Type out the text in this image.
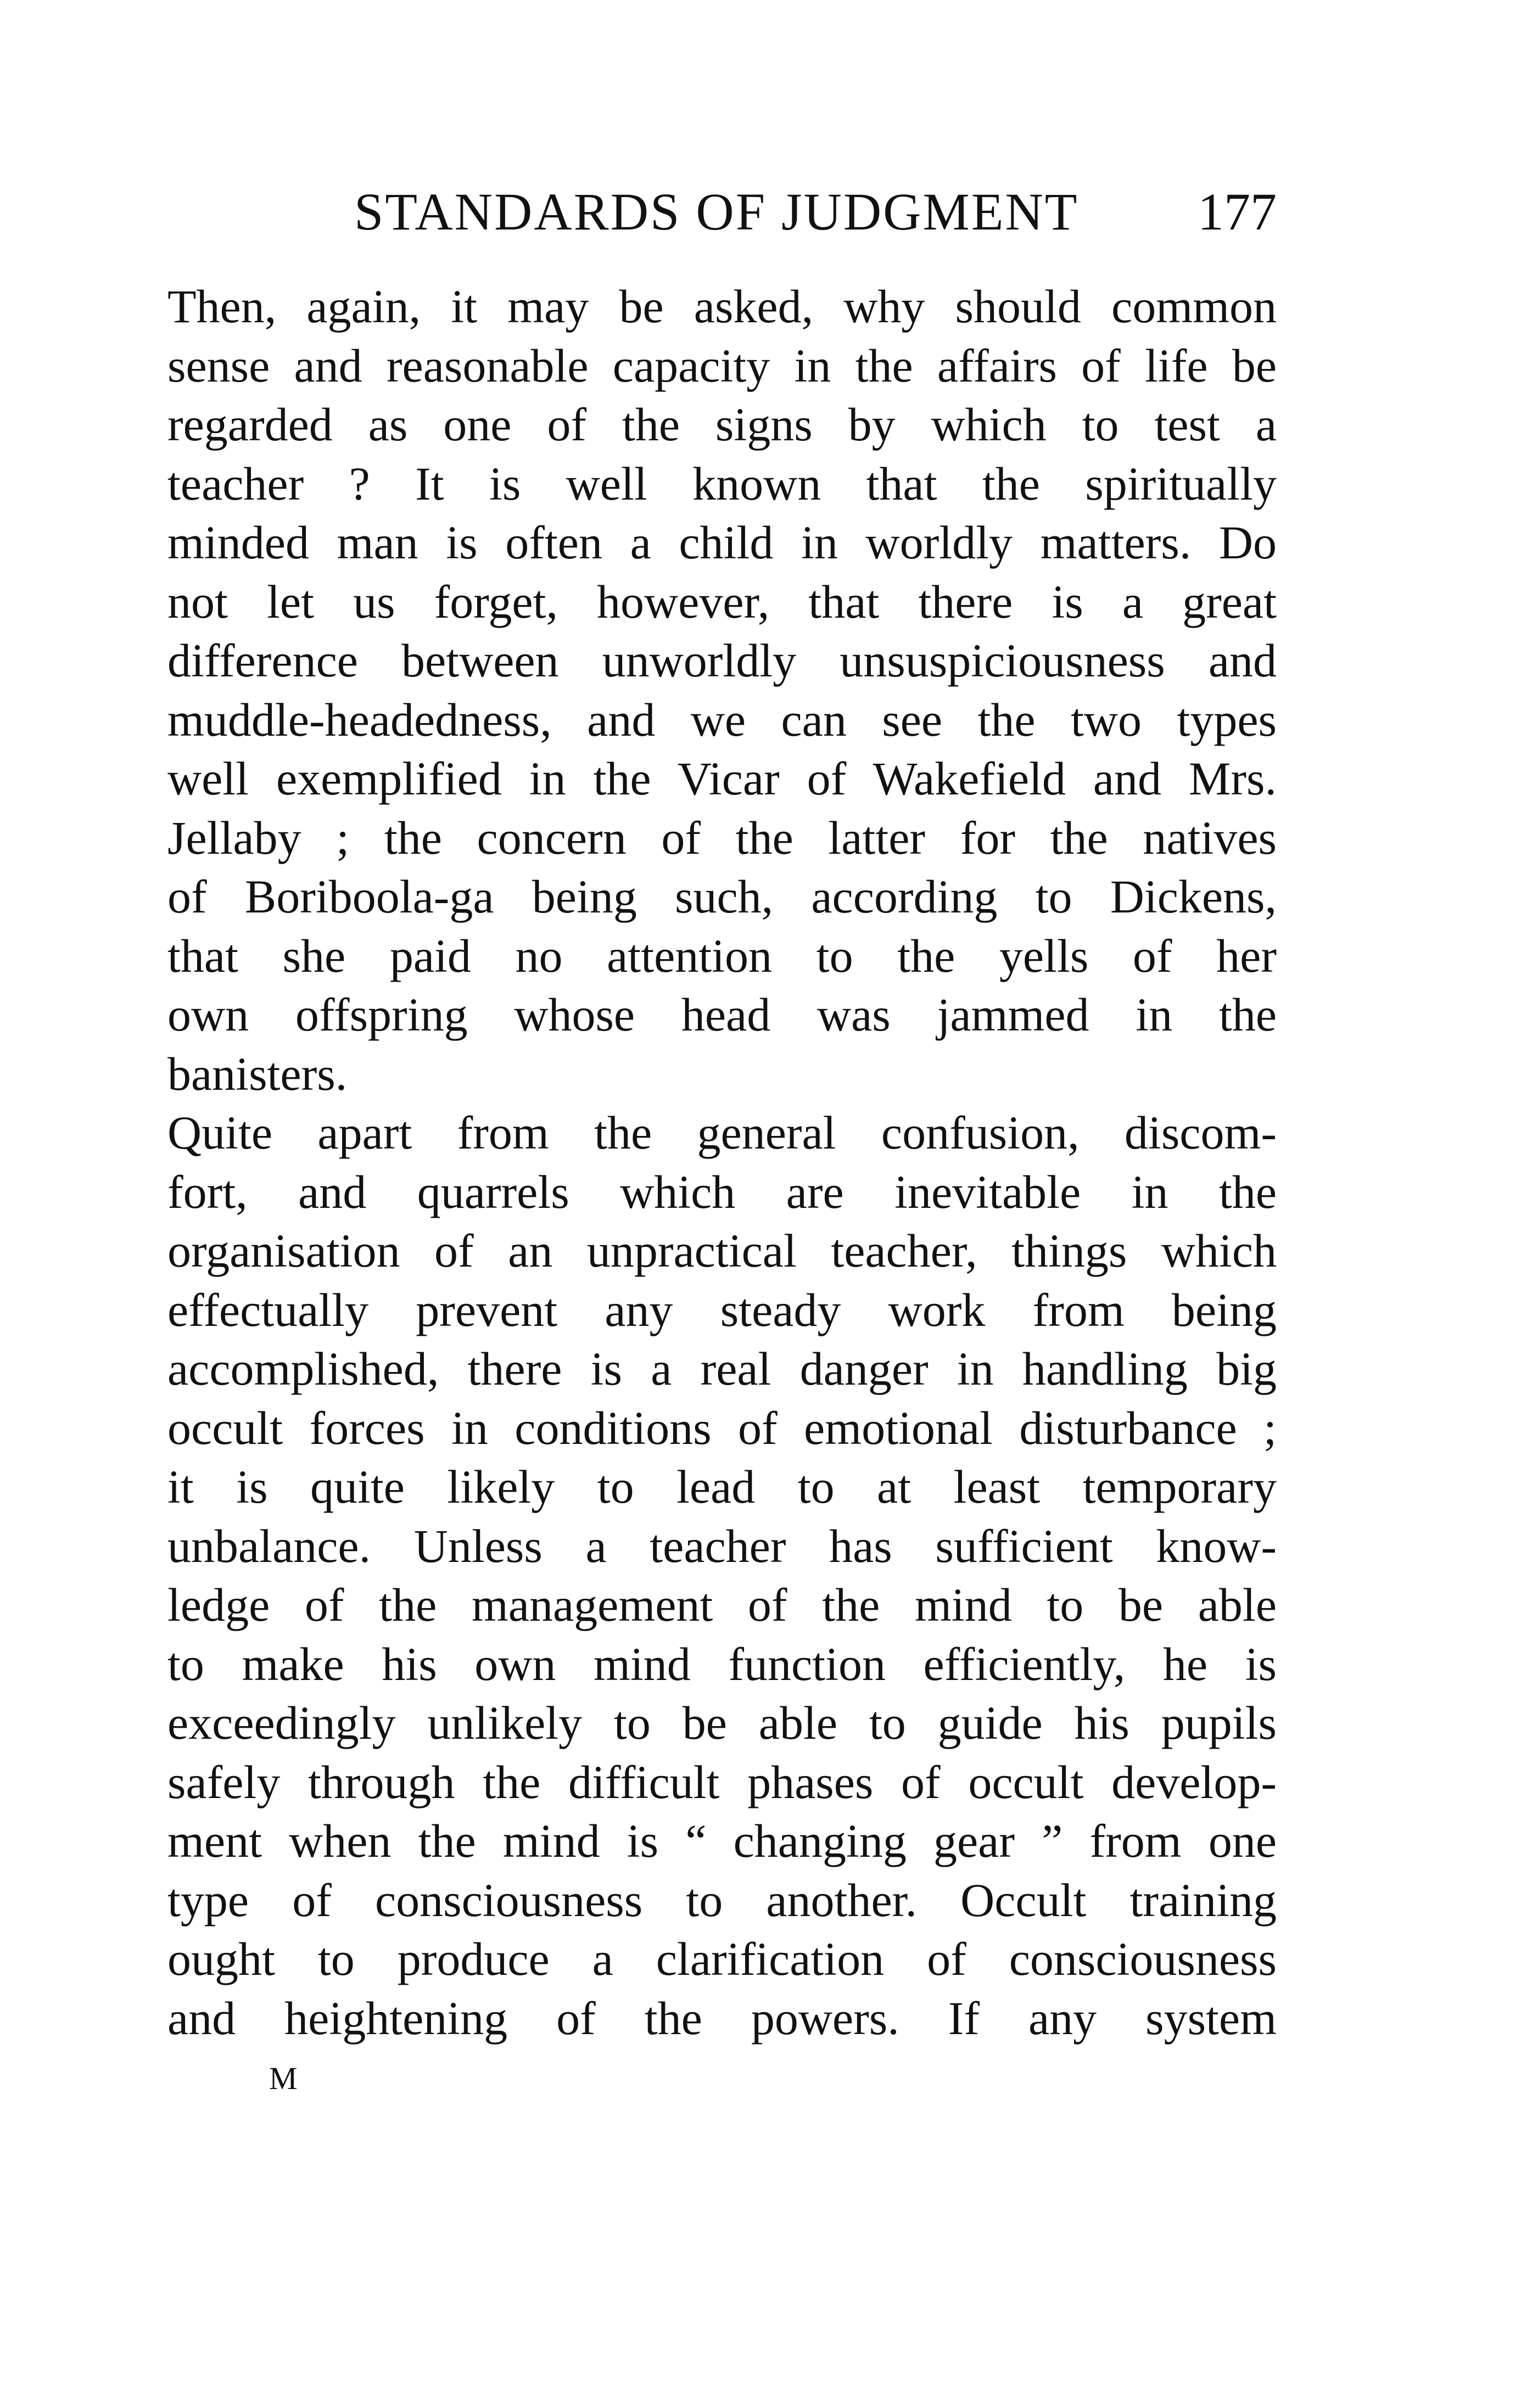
STANDARDS OF JUDGMENT 177
Then, again, it may be asked, why should common
sense and reasonable capacity in the affairs of life be
regarded as one of the signs by which to test a
teacher ? It is well known that the spiritually
minded man is often a child in worldly matters. Do
not let us forget, however, that there is a great
difference between unworldly unsuspiciousness and
muddle-headedness, and we can see the two types
well exemplified in the Vicar of Wakefield and Mrs.
Jellaby ; the concern of the latter for the natives
of Boriboola-ga being such, according to Dickens,
that she paid no attention to the yells of her
own offspring whose head was jammed in the
banisters.
Quite apart from the general confusion, discom-
fort, and quarrels which are inevitable in the
organisation of an unpractical teacher, things which
effectually prevent any steady work from being
accomplished, there is a real danger in handling big
occult forces in conditions of emotional disturbance ;
it is quite likely to lead to at least temporary
unbalance. Unless a teacher has sufficient know-
ledge of the management of the mind to be able
to make his own mind function efficiently, he is
exceedingly unlikely to be able to guide his pupils
safely through the difficult phases of occult develop-
ment when the mind is “ changing gear ” from one
type of consciousness to another. Occult training
ought to produce a clarification of consciousness
and heightening of the powers. If any system
M
